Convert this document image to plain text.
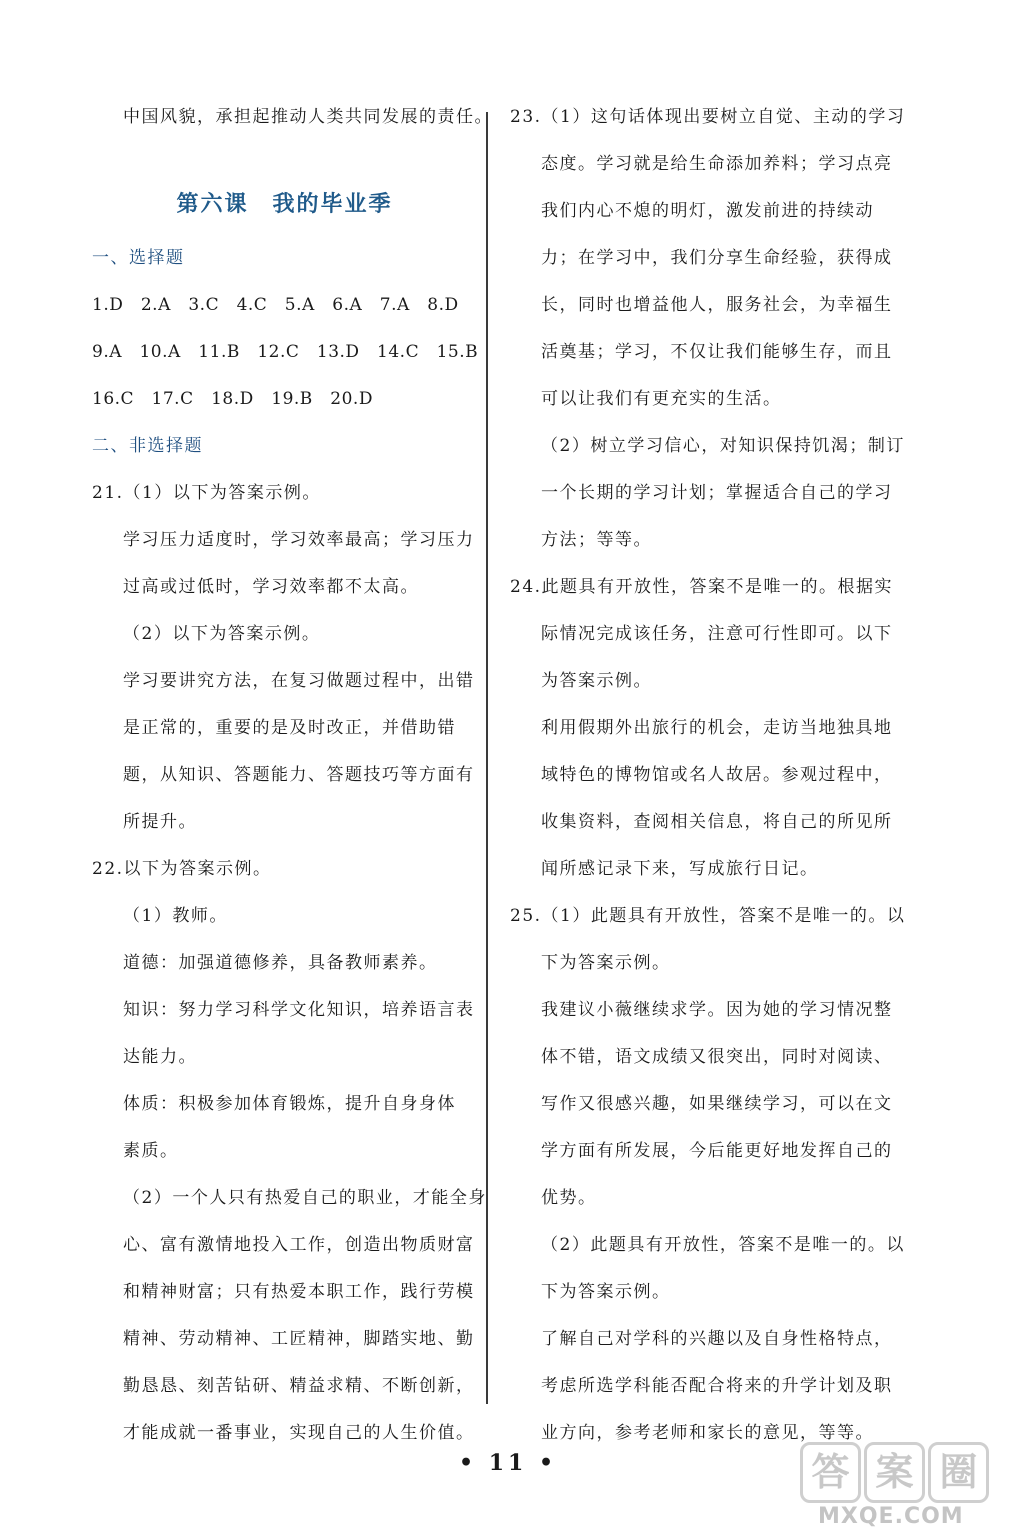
中国风貌，承担起推动人类共同发展的责任。
第六课　我的毕业季
一、选择题
1.D　2.A　3.C　4.C　5.A　6.A　7.A　8.D
9.A　10.A　11.B　12.C　13.D　14.C　15.B
16.C　17.C　18.D　19.B　20.D
二、非选择题
21.（1）以下为答案示例。
学习压力适度时，学习效率最高；学习压力
过高或过低时，学习效率都不太高。
（2）以下为答案示例。
学习要讲究方法，在复习做题过程中，出错
是正常的，重要的是及时改正，并借助错
题，从知识、答题能力、答题技巧等方面有
所提升。
22.以下为答案示例。
（1）教师。
道德：加强道德修养，具备教师素养。
知识：努力学习科学文化知识，培养语言表
达能力。
体质：积极参加体育锻炼，提升自身身体
素质。
（2）一个人只有热爱自己的职业，才能全身
心、富有激情地投入工作，创造出物质财富
和精神财富；只有热爱本职工作，践行劳模
精神、劳动精神、工匠精神，脚踏实地、勤
勤恳恳、刻苦钻研、精益求精、不断创新，
才能成就一番事业，实现自己的人生价值。
23.（1）这句话体现出要树立自觉、主动的学习
态度。学习就是给生命添加养料；学习点亮
我们内心不熄的明灯，激发前进的持续动
力；在学习中，我们分享生命经验，获得成
长，同时也增益他人，服务社会，为幸福生
活奠基；学习，不仅让我们能够生存，而且
可以让我们有更充实的生活。
（2）树立学习信心，对知识保持饥渴；制订
一个长期的学习计划；掌握适合自己的学习
方法；等等。
24.此题具有开放性，答案不是唯一的。根据实
际情况完成该任务，注意可行性即可。以下
为答案示例。
利用假期外出旅行的机会，走访当地独具地
域特色的博物馆或名人故居。参观过程中，
收集资料，查阅相关信息，将自己的所见所
闻所感记录下来，写成旅行日记。
25.（1）此题具有开放性，答案不是唯一的。以
下为答案示例。
我建议小薇继续求学。因为她的学习情况整
体不错，语文成绩又很突出，同时对阅读、
写作又很感兴趣，如果继续学习，可以在文
学方面有所发展，今后能更好地发挥自己的
优势。
（2）此题具有开放性，答案不是唯一的。以
下为答案示例。
了解自己对学科的兴趣以及自身性格特点，
考虑所选学科能否配合将来的升学计划及职
业方向，参考老师和家长的意见，等等。
• 11 •	答 案 圈
MXQE.COM
